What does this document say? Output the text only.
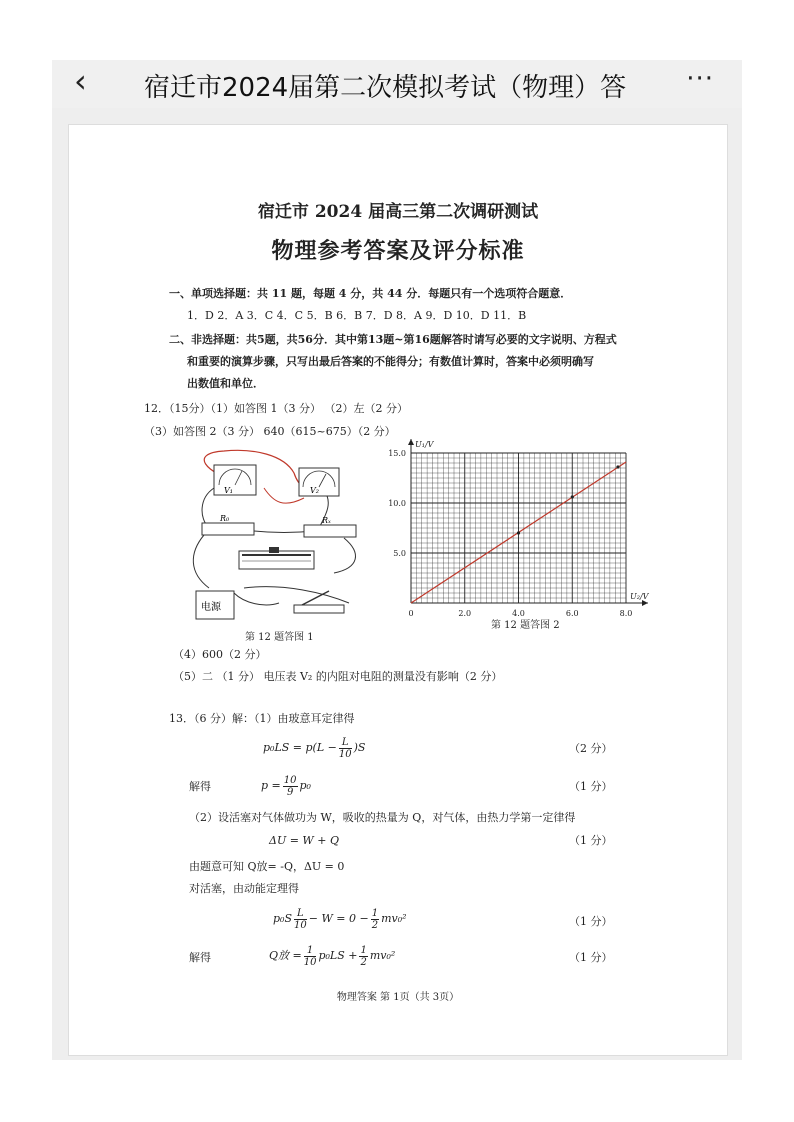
‹ 宿迁市2024届第二次模拟考试（物理）答	···
宿迁市 2024 届高三第二次调研测试
物理参考答案及评分标准
一、单项选择题：共 11 题，每题 4 分，共 44 分．每题只有一个选项符合题意．
1．D 2．A 3．C 4．C 5．B 6．B 7．D 8．A 9．D 10．D 11．B
二、非选择题：共5题，共56分．其中第13题~第16题解答时请写必要的文字说明、方程式
和重要的演算步骤，只写出最后答案的不能得分；有数值计算时，答案中必须明确写
出数值和单位．
12．（15分）（1）如答图 1（3 分） （2）左（2 分）
（3）如答图 2（3 分） 640（615~675）（2 分）
V₁	V₂
R₀	Rₓ
电源
第 12 题答图 1
0	2.0	4.0	6.0	8.0
5.0
10.0
15.0
U₂/V
U₁/V
第 12 题答图 2
（4）600（2 分）
（5）二 （1 分） 电压表 V₂ 的内阻对电阻的测量没有影响（2 分）
13．（6 分）解：（1）由玻意耳定律得
$p_0LS = p(L - \frac{L}{10} )S$	（2 分）
解得	$p = \frac{10}{9} p_0$	（1 分）
（2）设活塞对气体做功为 W，吸收的热量为 Q，对气体，由热力学第一定律得
ΔU = W + Q	（1 分）
由题意可知 Q放= -Q，ΔU = 0
对活塞，由动能定理得
$p_0S \frac{L}{10} - W = 0 - \frac{1}{2} mv_0^2$	（1 分）
解得	Q放 = $\frac{1}{10} p_0LS + \frac{1}{2} mv_0^2$	（1 分）
物理答案 第 1页（共 3页）
